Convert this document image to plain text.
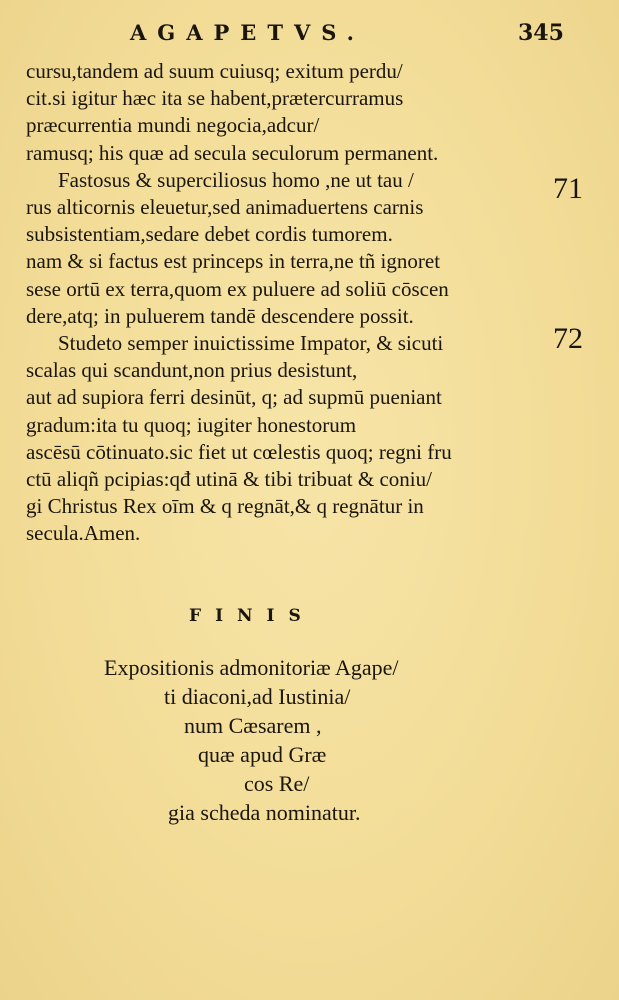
AGAPETVS.	345
cursu,tandem ad suum cuiusq; exitum perdu/
cit.si igitur hæc ita se habent,prætercurramus
præcurrentia mundi negocia,adcur/
ramusq; his quæ ad secula seculorum permanent.
Fastosus & superciliosus homo ,ne ut tau /
rus alticornis eleuetur,sed animaduertens carnis
subsistentiam,sedare debet cordis tumorem.
nam & si factus est princeps in terra,ne tñ ignoret
sese ortū ex terra,quom ex puluere ad soliū cōscen
dere,atq; in puluerem tandē descendere possit.
Studeto semper inuictissime Impator, & sicuti
scalas qui scandunt,non prius desistunt,
aut ad supiora ferri desinūt, q; ad supmū pueniant
gradum:ita tu quoq; iugiter honestorum
ascēsū cōtinuato.sic fiet ut cœlestis quoq; regni fru
ctū aliqñ pcipias:qđ utinā & tibi tribuat & coniu/
gi Christus Rex oīm & q regnāt,& q regnātur in
secula.Amen.
71
72
FINIS
Expositionis admonitoriæ Agape/
ti diaconi,ad Iustinia/
num Cæsarem ,
quæ apud Græ
cos Re/
gia scheda nominatur.
